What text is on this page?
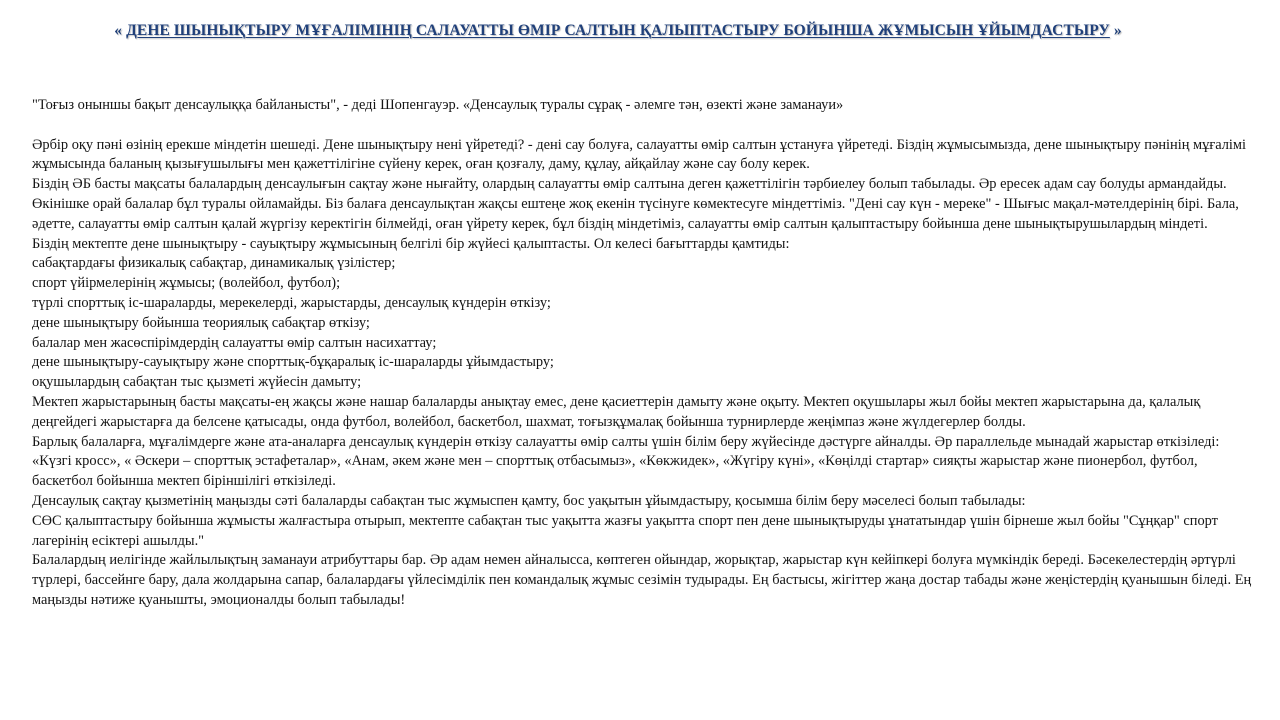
« ДЕНЕ ШЫНЫҚТЫРУ МҰҒАЛІМІНІҢ САЛАУАТТЫ ӨМІР САЛТЫН ҚАЛЫПТАСТЫРУ БОЙЫНША ЖҰМЫСЫН ҰЙЫМДАСТЫРУ »

"Тоғыз оныншы бақыт денсаулыққа байланысты", - деді Шопенгауэр. «Денсаулық туралы сұрақ - әлемге тән, өзекті және заманауи»

Әрбір оқу пәні өзінің ерекше міндетін шешеді. Дене шынықтыру нені үйретеді? - дені сау болуға, салауатты өмір салтын ұстануға үйретеді. Біздің жұмысымызда, дене шынықтыру пәнінің мұғалімі жұмысында баланың қызығушылығы мен қажеттілігіне сүйену керек, оған қозғалу, даму, құлау, айқайлау және сау болу керек.

Біздің ӘБ басты мақсаты балалардың денсаулығын сақтау және нығайту, олардың салауатты өмір салтына деген қажеттілігін тәрбиелеу болып табылады. Әр ересек адам сау болуды армандайды. Өкінішке орай балалар бұл туралы ойламайды. Біз балаға денсаулықтан жақсы ештеңе жоқ екенін түсінуге көмектесуге міндеттіміз. "Дені сау күн - мереке" - Шығыс мақал-мәтелдерінің бірі. Бала, әдетте, салауатты өмір салтын қалай жүргізу керектігін білмейді, оған үйрету керек, бұл біздің міндетіміз, салауатты өмір салтын қалыптастыру бойынша дене шынықтырушылардың міндеті.

Біздің мектепте дене шынықтыру - сауықтыру жұмысының белгілі бір жүйесі қалыптасты. Ол келесі бағыттарды қамтиды:

сабақтардағы физикалық сабақтар, динамикалық үзілістер;

спорт үйірмелерінің жұмысы; (волейбол, футбол);

түрлі спорттық іс-шараларды, мерекелерді, жарыстарды, денсаулық күндерін өткізу;

дене шынықтыру бойынша теориялық сабақтар өткізу;

балалар мен жасөспірімдердің салауатты өмір салтын насихаттау;

дене шынықтыру-сауықтыру және спорттық-бұқаралық іс-шараларды ұйымдастыру;

оқушылардың сабақтан тыс қызметі жүйесін дамыту;

Мектеп жарыстарының басты мақсаты-ең жақсы және нашар балаларды анықтау емес, дене қасиеттерін дамыту және оқыту. Мектеп оқушылары жыл бойы мектеп жарыстарына да, қалалық деңгейдегі жарыстарға да белсене қатысады, онда футбол, волейбол, баскетбол, шахмат, тоғызқұмалақ бойынша турнирлерде жеңімпаз және жүлдегерлер болды.

Барлық балаларға, мұғалімдерге және ата-аналарға денсаулық күндерін өткізу салауатты өмір салты үшін білім беру жүйесінде дәстүрге айналды. Әр параллельде мынадай жарыстар өткізіледі: «Күзгі кросс», « Әскери – спорттық эстафеталар», «Анам, әкем және мен – спорттық отбасымыз», «Көкжидек», «Жүгіру күні», «Көңілді стартар» сияқты жарыстар және пионербол, футбол, баскетбол бойынша мектеп біріншілігі өткізіледі.

Денсаулық сақтау қызметінің маңызды сәті балаларды сабақтан тыс жұмыспен қамту, бос уақытын ұйымдастыру, қосымша білім беру мәселесі болып табылады:

СӨС қалыптастыру бойынша жұмысты жалғастыра отырып, мектепте сабақтан тыс уақытта жазғы уақытта спорт пен дене шынықтыруды ұнататындар үшін бірнеше жыл бойы "Сұңқар" спорт лагерінің есіктері ашылды."

Балалардың иелігінде жайлылықтың заманауи атрибуттары бар. Әр адам немен айналысса, көптеген ойындар, жорықтар, жарыстар күн кейіпкері болуға мүмкіндік береді. Бәсекелестердің әртүрлі түрлері, бассейнге бару, дала жолдарына сапар, балалардағы үйлесімділік пен командалық жұмыс сезімін тудырады. Ең бастысы, жігіттер жаңа достар табады және жеңістердің қуанышын біледі. Ең маңызды нәтиже қуанышты, эмоционалды болып табылады!
